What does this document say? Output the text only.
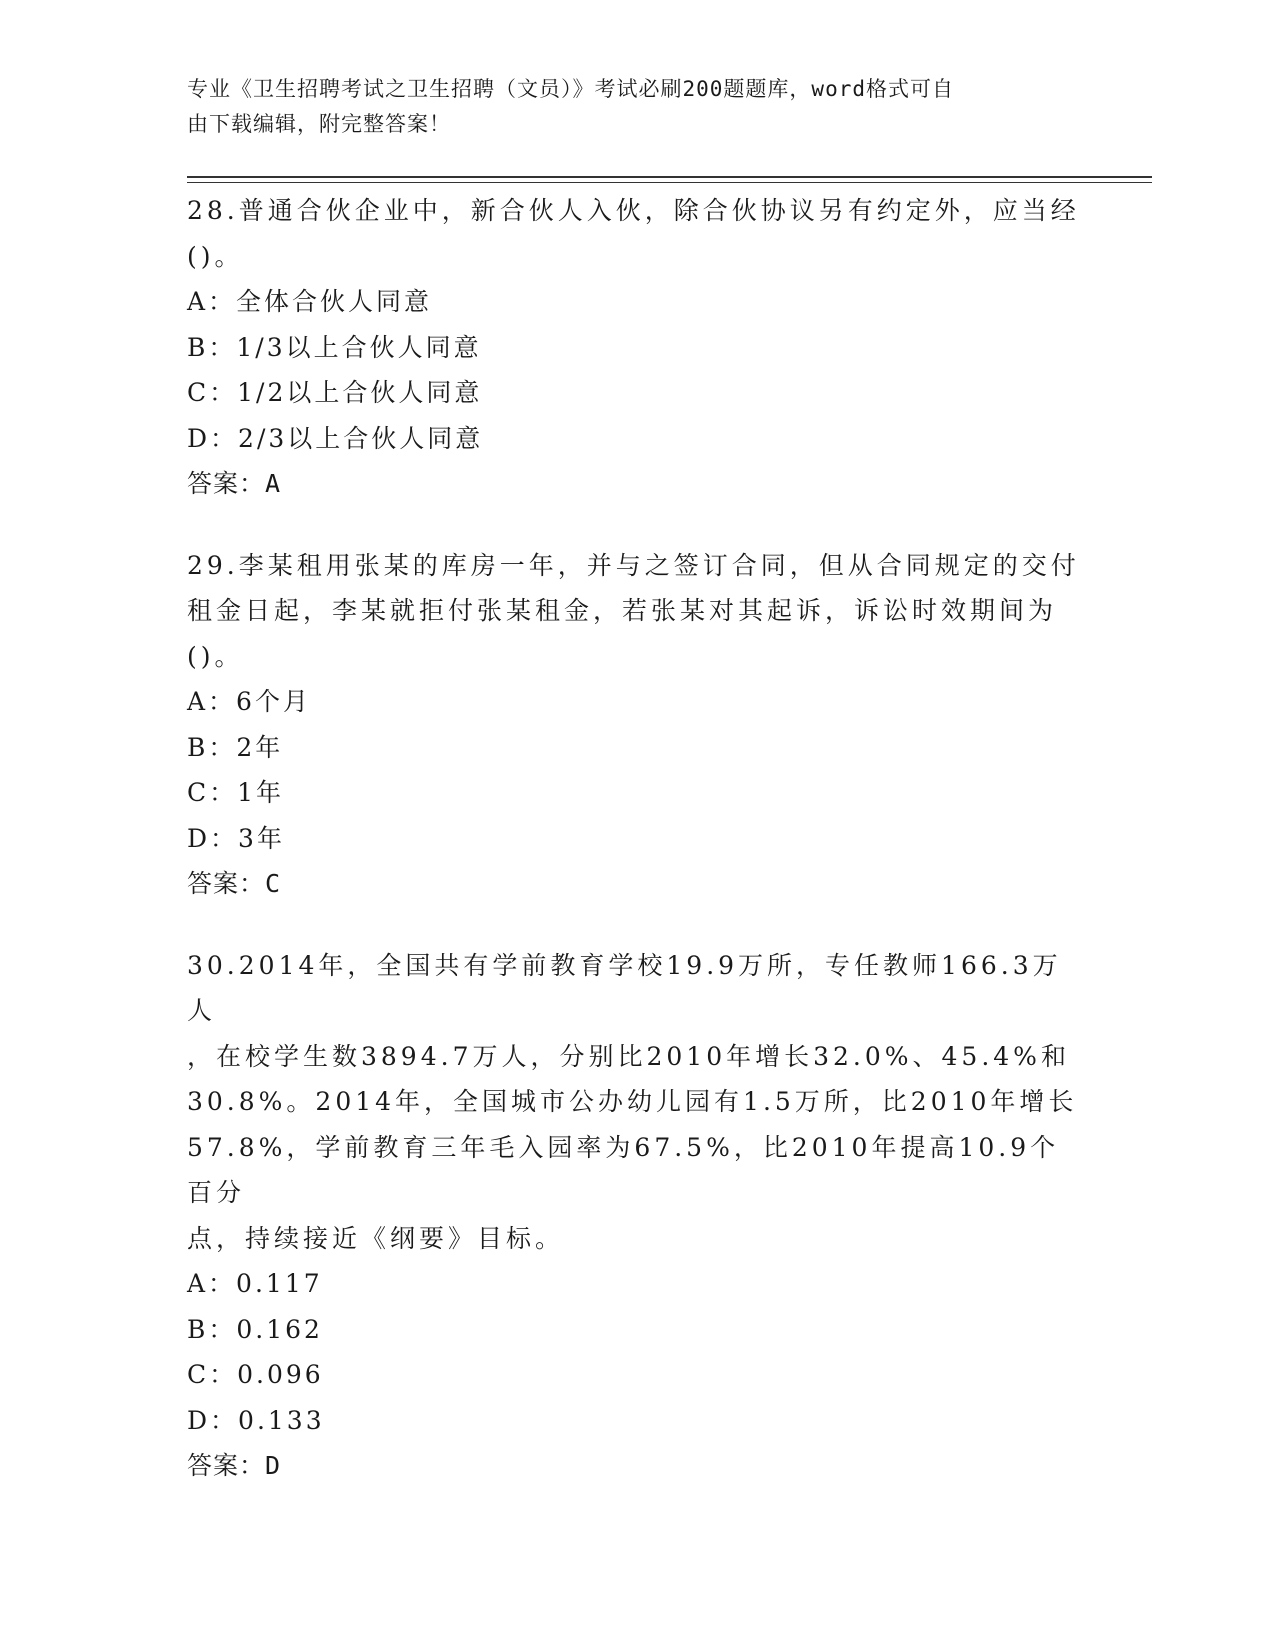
专业《卫生招聘考试之卫生招聘（文员）》考试必刷200题题库，word格式可自
由下载编辑，附完整答案！
28.普通合伙企业中，新合伙人入伙，除合伙协议另有约定外，应当经
()。
A：全体合伙人同意
B：1/3以上合伙人同意
C：1/2以上合伙人同意
D：2/3以上合伙人同意
答案：A
29.李某租用张某的库房一年，并与之签订合同，但从合同规定的交付
租金日起，李某就拒付张某租金，若张某对其起诉，诉讼时效期间为
()。
A：6个月
B：2年
C：1年
D：3年
答案：C
30.2014年，全国共有学前教育学校19.9万所，专任教师166.3万人
，在校学生数3894.7万人，分别比2010年增长32.0%、45.4%和
30.8%。2014年，全国城市公办幼儿园有1.5万所，比2010年增长
57.8%，学前教育三年毛入园率为67.5%，比2010年提高10.9个百分
点，持续接近《纲要》目标。
A：0.117
B：0.162
C：0.096
D：0.133
答案：D
